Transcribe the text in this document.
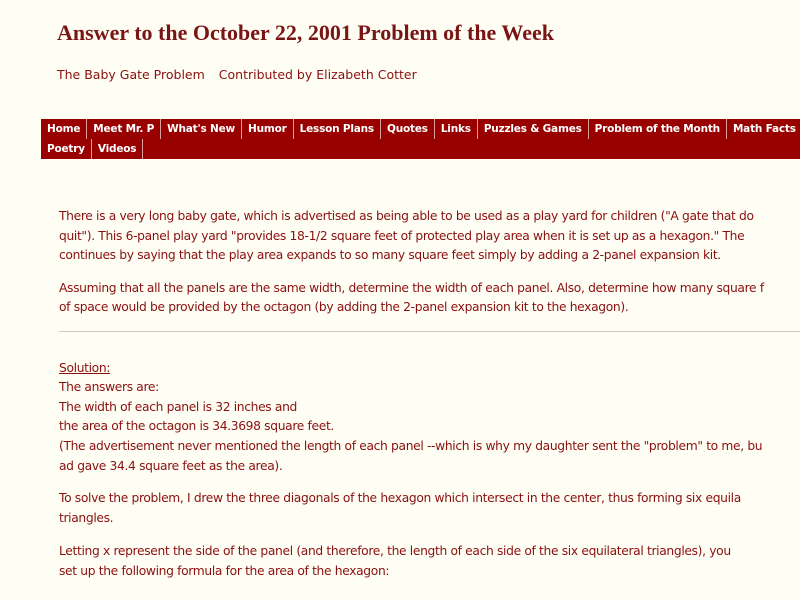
Answer to the October 22, 2001 Problem of the Week
The Baby Gate Problem Contributed by Elizabeth Cotter
Home	Meet Mr. P	What's New	Humor	Lesson Plans	Quotes	Links	Puzzles & Games	Problem of the Month	Math Facts
Poetry	Videos
There is a very long baby gate, which is advertised as being able to be used as a play yard for children ("A gate that do
quit"). This 6-panel play yard "provides 18-1/2 square feet of protected play area when it is set up as a hexagon." The
continues by saying that the play area expands to so many square feet simply by adding a 2-panel expansion kit.
Assuming that all the panels are the same width, determine the width of each panel. Also, determine how many square f
of space would be provided by the octagon (by adding the 2-panel expansion kit to the hexagon).
Solution:
The answers are:
The width of each panel is 32 inches and
the area of the octagon is 34.3698 square feet.
(The advertisement never mentioned the length of each panel --which is why my daughter sent the "problem" to me, bu
ad gave 34.4 square feet as the area).
To solve the problem, I drew the three diagonals of the hexagon which intersect in the center, thus forming six equila
triangles.
Letting x represent the side of the panel (and therefore, the length of each side of the six equilateral triangles), you
set up the following formula for the area of the hexagon:
